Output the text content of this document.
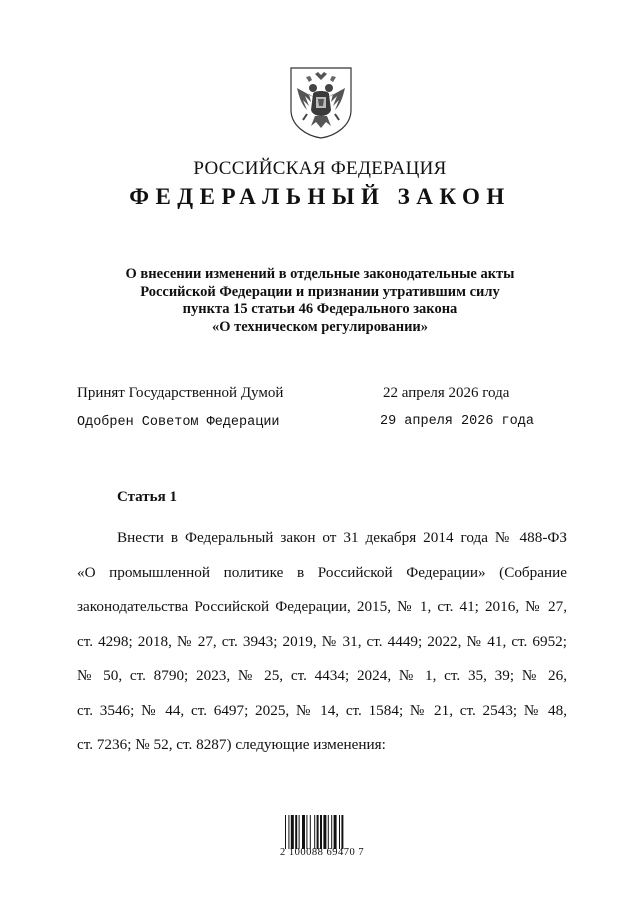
РОССИЙСКАЯ ФЕДЕРАЦИЯ
ФЕДЕРАЛЬНЫЙ ЗАКОН
О внесении изменений в отдельные законодательные акты
Российской Федерации и признании утратившим силу
пункта 15 статьи 46 Федерального закона
«О техническом регулировании»
Принят Государственной Думой	22 апреля 2026 года
Одобрен Советом Федерации	29 апреля 2026 года
Статья 1
Внести в Федеральный закон от 31 декабря 2014 года № 488-ФЗ
«О промышленной политике в Российской Федерации» (Собрание
законодательства Российской Федерации, 2015, № 1, ст. 41; 2016, № 27,
ст. 4298; 2018, № 27, ст. 3943; 2019, № 31, ст. 4449; 2022, № 41, ст. 6952;
№ 50, ст. 8790; 2023, № 25, ст. 4434; 2024, № 1, ст. 35, 39; № 26,
ст. 3546; № 44, ст. 6497; 2025, № 14, ст. 1584; № 21, ст. 2543; № 48,
ст. 7236; № 52, ст. 8287) следующие изменения:
2 100088 69470 7
